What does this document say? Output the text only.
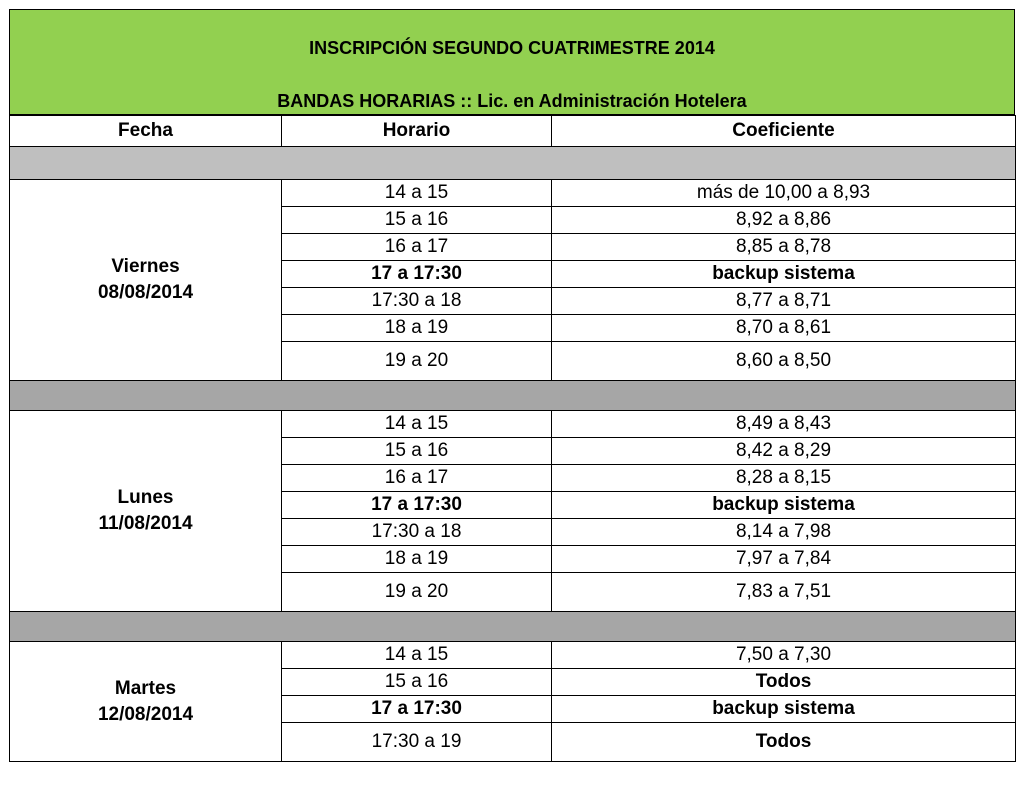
INSCRIPCIÓN SEGUNDO CUATRIMESTRE 2014
BANDAS HORARIAS :: Lic. en Administración Hotelera
Fecha	Horario	Coeficiente

Viernes
08/08/2014	14 a 15	más de 10,00 a 8,93
	15 a 16	8,92 a 8,86
	16 a 17	8,85 a 8,78
	17 a 17:30	backup sistema
	17:30 a 18	8,77 a 8,71
	18 a 19	8,70 a 8,61
	19 a 20	8,60 a 8,50

Lunes
11/08/2014	14 a 15	8,49 a 8,43
	15 a 16	8,42 a 8,29
	16 a 17	8,28 a 8,15
	17 a 17:30	backup sistema
	17:30 a 18	8,14 a 7,98
	18 a 19	7,97 a 7,84
	19 a 20	7,83 a 7,51

Martes
12/08/2014	14 a 15	7,50 a 7,30
	15 a 16	Todos
	17 a 17:30	backup sistema
	17:30 a 19	Todos
